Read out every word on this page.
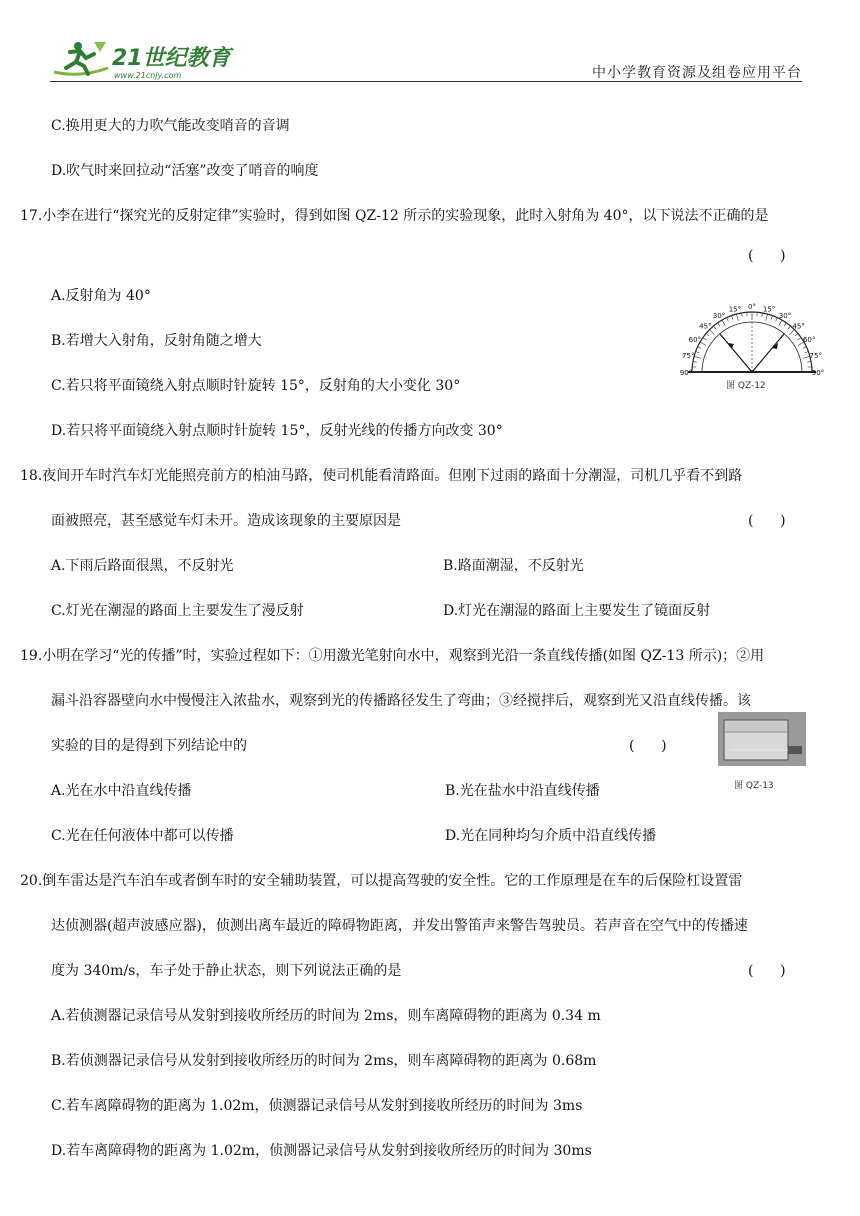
21世纪教育
www.21cnjy.com	中小学教育资源及组卷应用平台
C.换用更大的力吹气能改变哨音的音调
D.吹气时来回拉动“活塞”改变了哨音的响度
17.小李在进行“探究光的反射定律”实验时，得到如图 QZ-12 所示的实验现象，此时入射角为 40°，以下说法不正确的是
(      )
A.反射角为 40°
B.若增大入射角，反射角随之增大
C.若只将平面镜绕入射点顺时针旋转 15°，反射角的大小变化 30°
D.若只将平面镜绕入射点顺时针旋转 15°，反射光线的传播方向改变 30°
90°
75°
60°
45°
30°
15° 0° 15°
30°
45°
60°
75°
90°
图 QZ-12
18.夜间开车时汽车灯光能照亮前方的柏油马路，使司机能看清路面。但刚下过雨的路面十分潮湿，司机几乎看不到路
面被照亮，甚至感觉车灯未开。造成该现象的主要原因是	(      )
A.下雨后路面很黑，不反射光	B.路面潮湿，不反射光
C.灯光在潮湿的路面上主要发生了漫反射	D.灯光在潮湿的路面上主要发生了镜面反射
19.小明在学习“光的传播”时，实验过程如下：①用激光笔射向水中，观察到光沿一条直线传播(如图 QZ-13 所示)；②用
漏斗沿容器壁向水中慢慢注入浓盐水，观察到光的传播路径发生了弯曲；③经搅拌后，观察到光又沿直线传播。该
实验的目的是得到下列结论中的	(      )
A.光在水中沿直线传播	B.光在盐水中沿直线传播
C.光在任何液体中都可以传播	D.光在同种均匀介质中沿直线传播
图 QZ-13
20.倒车雷达是汽车泊车或者倒车时的安全辅助装置，可以提高驾驶的安全性。它的工作原理是在车的后保险杠设置雷
达侦测器(超声波感应器)，侦测出离车最近的障碍物距离，并发出警笛声来警告驾驶员。若声音在空气中的传播速
度为 340m/s，车子处于静止状态，则下列说法正确的是	(      )
A.若侦测器记录信号从发射到接收所经历的时间为 2ms，则车离障碍物的距离为 0.34 m
B.若侦测器记录信号从发射到接收所经历的时间为 2ms，则车离障碍物的距离为 0.68m
C.若车离障碍物的距离为 1.02m，侦测器记录信号从发射到接收所经历的时间为 3ms
D.若车离障碍物的距离为 1.02m，侦测器记录信号从发射到接收所经历的时间为 30ms
